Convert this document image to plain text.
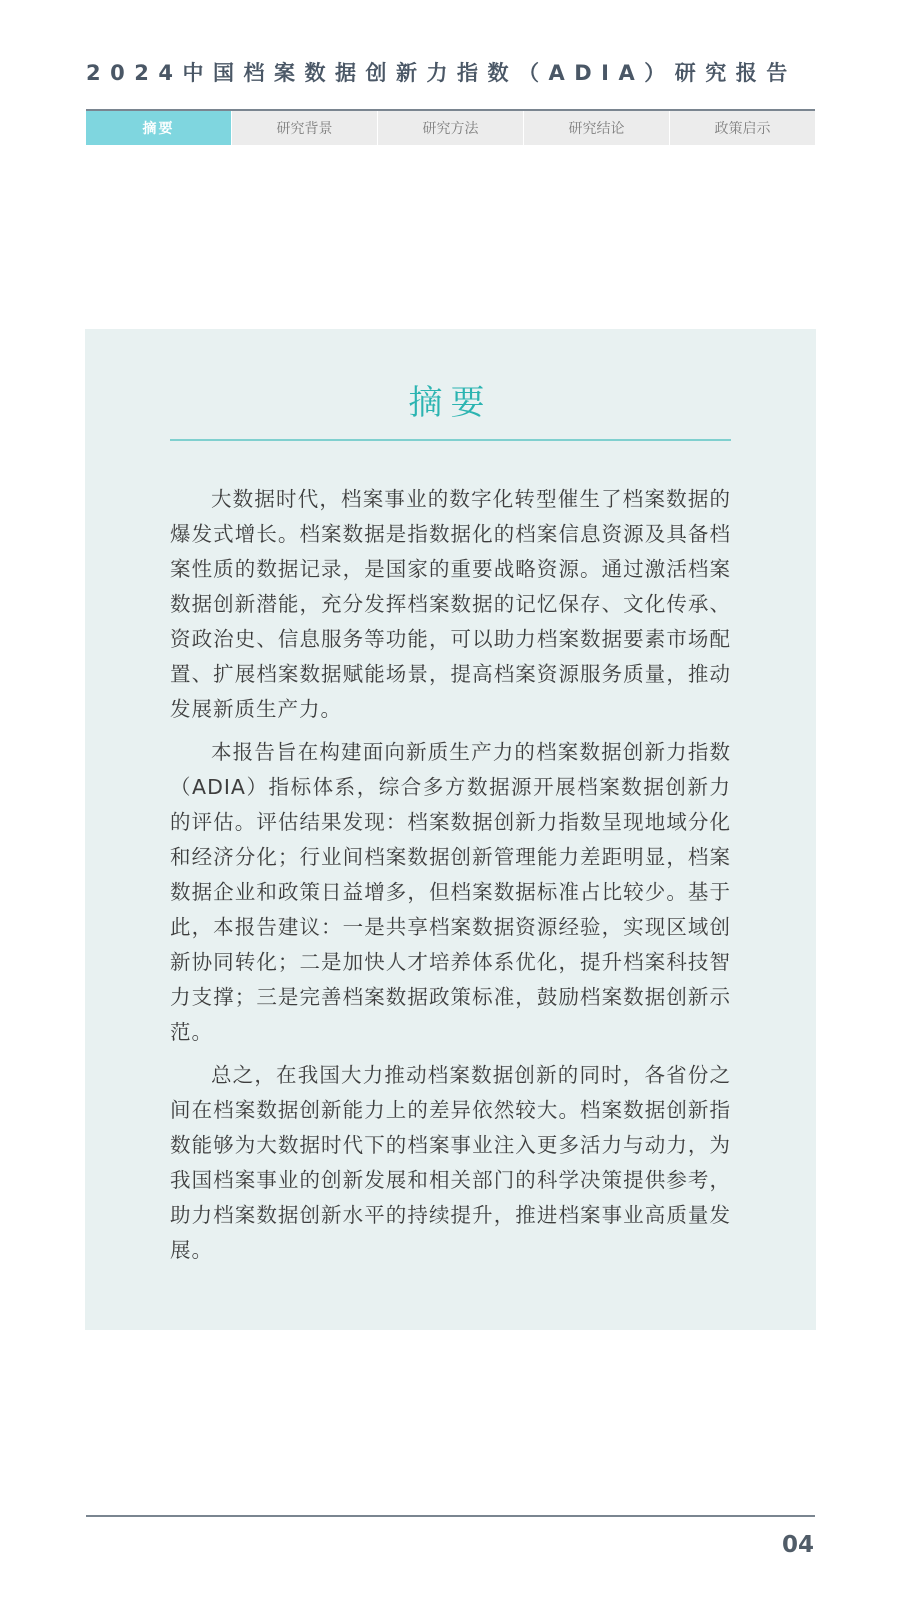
2024中国档案数据创新力指数（ADIA）研究报告
摘要	研究背景	研究方法	研究结论	政策启示
摘要

大数据时代，档案事业的数字化转型催生了档案数据的爆发式增长。档案数据是指数据化的档案信息资源及具备档案性质的数据记录，是国家的重要战略资源。通过激活档案数据创新潜能，充分发挥档案数据的记忆保存、文化传承、资政治史、信息服务等功能，可以助力档案数据要素市场配置、扩展档案数据赋能场景，提高档案资源服务质量，推动发展新质生产力。

本报告旨在构建面向新质生产力的档案数据创新力指数（ADIA）指标体系，综合多方数据源开展档案数据创新力的评估。评估结果发现：档案数据创新力指数呈现地域分化和经济分化；行业间档案数据创新管理能力差距明显，档案数据企业和政策日益增多，但档案数据标准占比较少。基于此，本报告建议：一是共享档案数据资源经验，实现区域创新协同转化；二是加快人才培养体系优化，提升档案科技智力支撑；三是完善档案数据政策标准，鼓励档案数据创新示范。

总之，在我国大力推动档案数据创新的同时，各省份之间在档案数据创新能力上的差异依然较大。档案数据创新指数能够为大数据时代下的档案事业注入更多活力与动力，为我国档案事业的创新发展和相关部门的科学决策提供参考，助力档案数据创新水平的持续提升，推进档案事业高质量发展。

04
